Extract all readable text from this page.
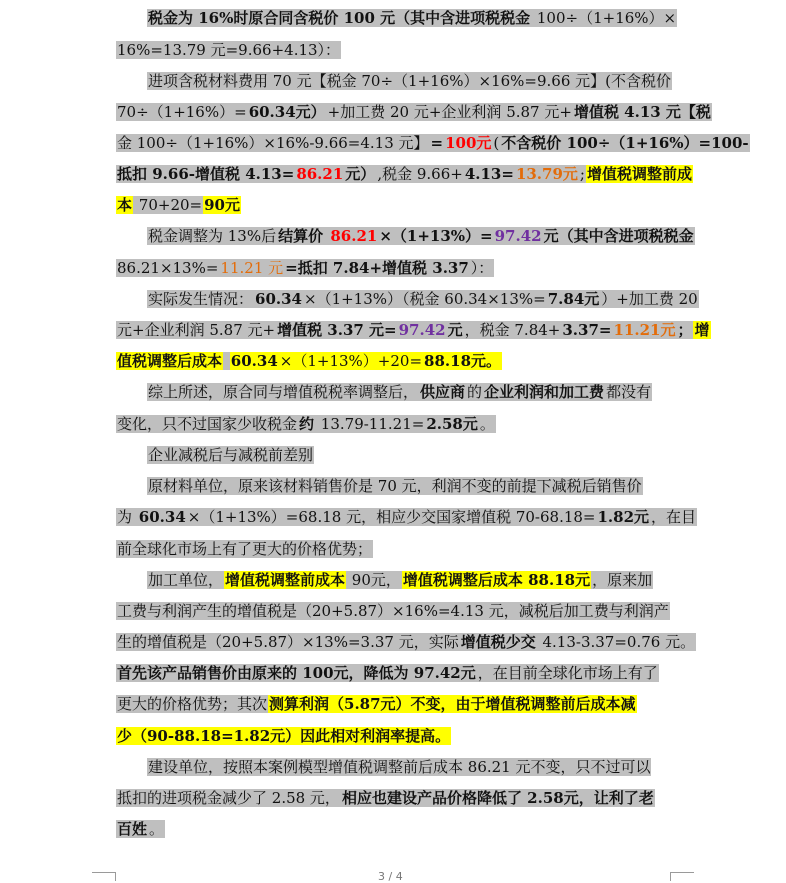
税金为 16%时原合同含税价 100 元（其中含进项税税金 100÷（1+16%）×
16%=13.79 元=9.66+4.13）：
进项含税材料费用 70 元【税金 70÷（1+16%）×16%=9.66 元】(不含税价
70÷（1+16%）= 60.34元） +加工费 20 元+企业利润 5.87 元+ 增值税 4.13 元【税
金 100÷（1+16%）×16%-9.66=4.13 元】 = 100元 ( 不含税价 100÷（1+16%）=100-
抵扣 9.66-增值税 4.13= 86.21 元） ,税金 9.66+ 4.13= 13.79元 ; 增值税调整前成
本 70+20= 90元
税金调整为 13%后 结算价 86.21 ×（1+13%）= 97.42 元（其中含进项税税金
86.21×13%= 11.21 元 =抵扣 7.84+增值税 3.37 ）：
实际发生情况： 60.34 ×（1+13%）（税金 60.34×13%= 7.84元 ）+加工费 20
元+企业利润 5.87 元+ 增值税 3.37 元= 97.42 元 ，税金 7.84+ 3.37= 11.21元 ； 增
值税调整后成本 60.34 ×（1+13%）+20= 88.18元。
综上所述，原合同与增值税税率调整后， 供应商 的 企业利润和加工费 都没有
变化，只不过国家少收税金 约 13.79-11.21= 2.58元 。
企业减税后与减税前差别
原材料单位，原来该材料销售价是 70 元，利润不变的前提下减税后销售价
为 60.34 ×（1+13%）=68.18 元，相应少交国家增值税 70-68.18= 1.82元 ，在目
前全球化市场上有了更大的价格优势；
加工单位， 增值税调整前成本 90元， 增值税调整后成本 88.18元 ，原来加
工费与利润产生的增值税是（20+5.87）×16%=4.13 元，减税后加工费与利润产
生的增值税是（20+5.87）×13%=3.37 元，实际 增值税少交 4.13-3.37=0.76 元。
首先该产品销售价由原来的 100元，降低为 97.42元 ，在目前全球化市场上有了
更大的价格优势；其次 测算利润（5.87元）不变，由于增值税调整前后成本减
少（90-88.18=1.82元）因此相对利润率提高。
建设单位，按照本案例模型增值税调整前后成本 86.21 元不变，只不过可以
抵扣的进项税金减少了 2.58 元， 相应也建设产品价格降低了 2.58元，让利了老
百姓 。
3 / 4
